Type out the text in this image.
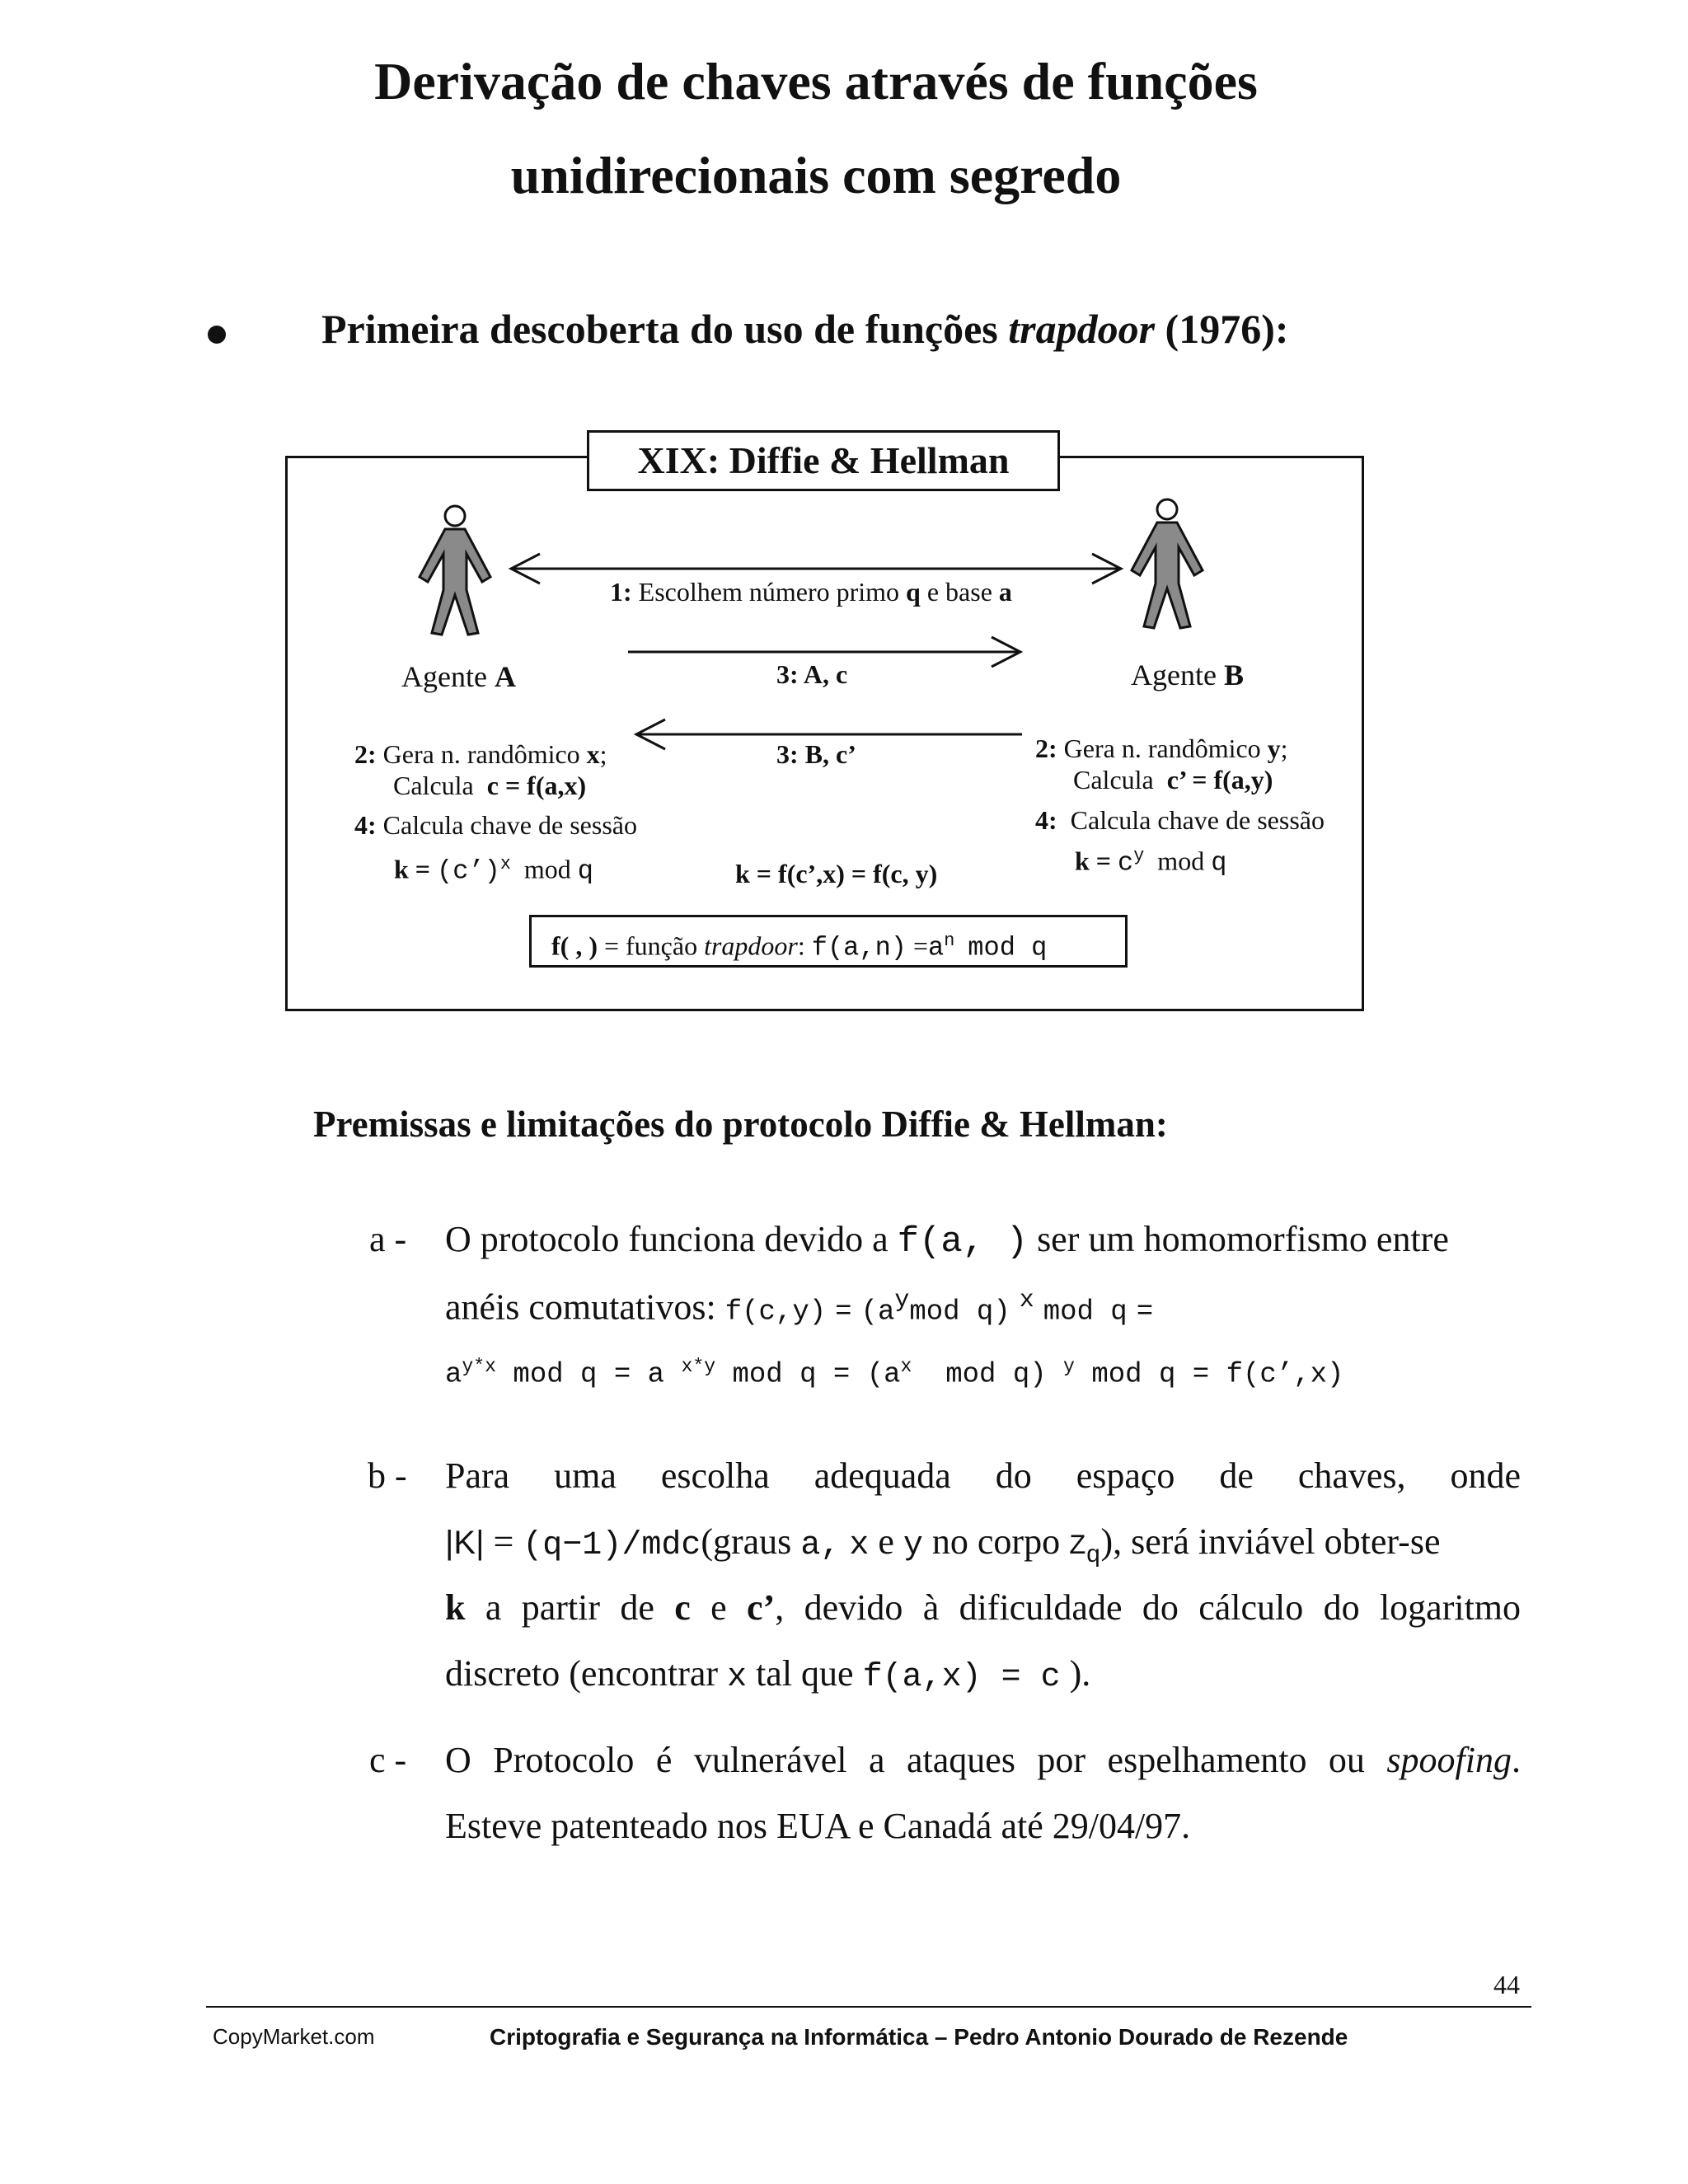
Derivação de chaves através de funções
unidirecionais com segredo
Primeira descoberta do uso de funções trapdoor (1976):
XIX: Diffie & Hellman
1: Escolhem número primo q e base a
Agente A	Agente B
3: A, c
3: B, c’
2: Gera n. randômico x;
Calcula c = f(a,x)
4: Calcula chave de sessão
k = (c’)$^x$ mod q
2: Gera n. randômico y;
Calcula c’ = f(a,y)
4: Calcula chave de sessão
$k = c^y$ mod q
k = f(c’,x) = f(c, y)
f( , ) = função trapdoor: $f(a,n) =a^n$ mod q
Premissas e limitações do protocolo Diffie & Hellman:
a - O protocolo funciona devido a f(a, ) ser um homomorfismo entre
anéis comutativos: $f(c,y) = (a^ymod$ q) $^x$ mod q =
$a^{y*x}$ mod q = a $^{x*y}$ mod $q = (a^x$ mod q) $^y$ mod q = f(c’,x)
b - Para uma escolha adequada do espaço de chaves, onde
|K| = (q−1)/mdc(graus a, x e y no corpo $Z_q$), será inviável obter-se
k a partir de c e c’, devido à dificuldade do cálculo do logaritmo
discreto (encontrar x tal que f(a,x) = c ).
c - O Protocolo é vulnerável a ataques por espelhamento ou spoofing.
Esteve patenteado nos EUA e Canadá até 29/04/97.
44
CopyMarket.com	Criptografia e Segurança na Informática – Pedro Antonio Dourado de Rezende
